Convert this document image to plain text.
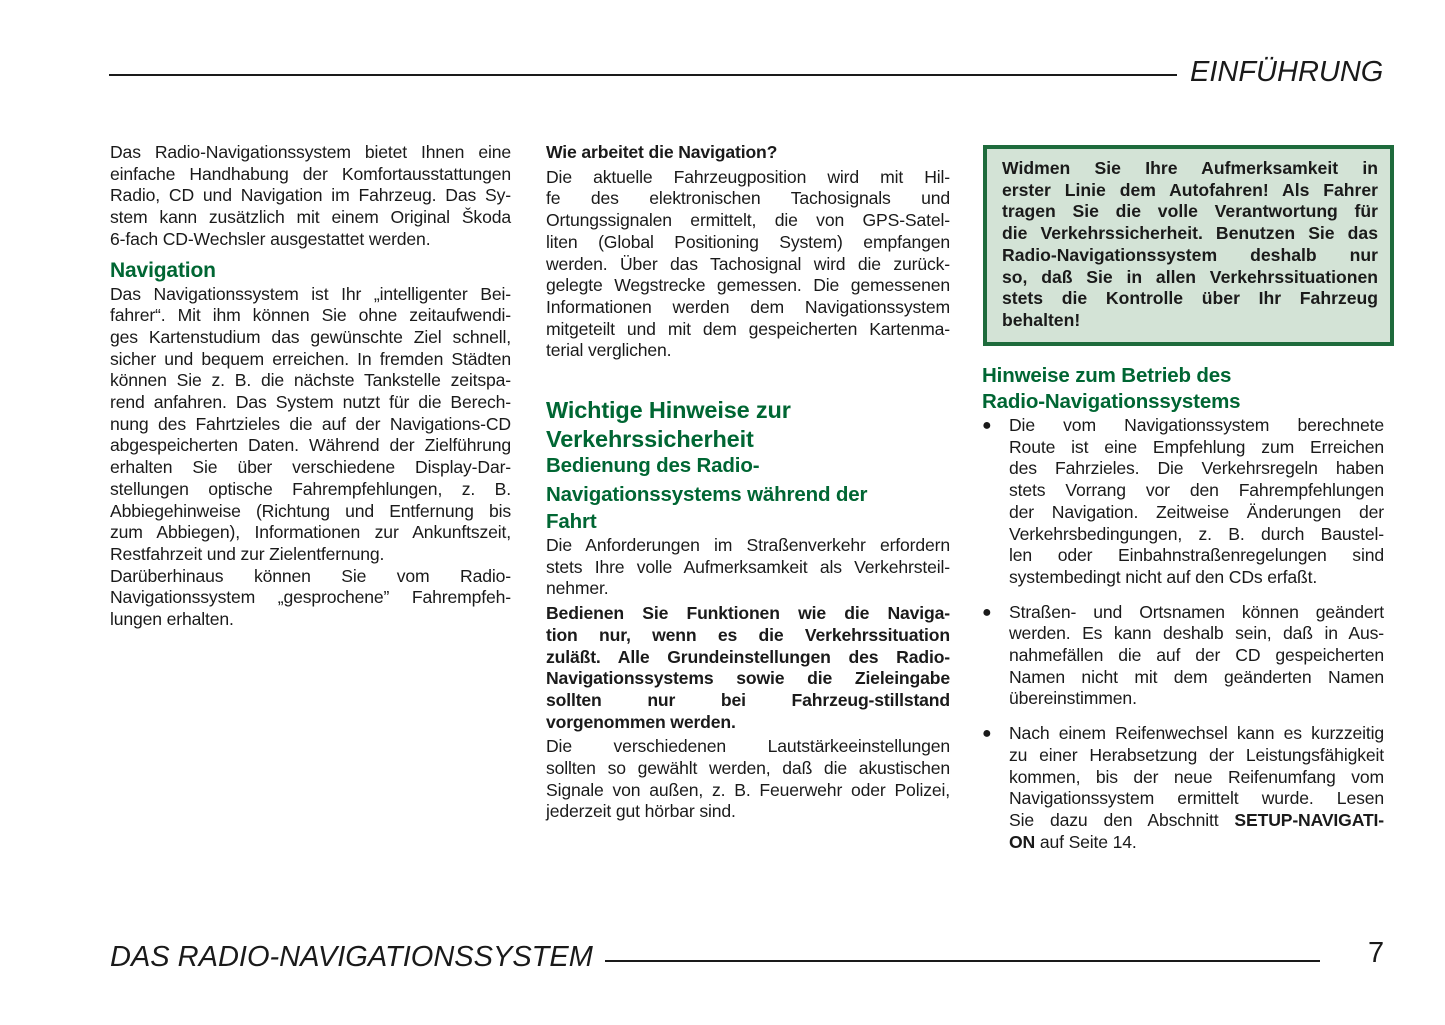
EINFÜHRUNG
Das Radio-Navigationssystem bietet Ihnen eine
einfache Handhabung der Komfortausstattungen
Radio, CD und Navigation im Fahrzeug. Das Sy-
stem kann zusätzlich mit einem Original Škoda
6-fach CD-Wechsler ausgestattet werden.
Navigation
Das Navigationssystem ist Ihr „intelligenter Bei-
fahrer“. Mit ihm können Sie ohne zeitaufwendi-
ges Kartenstudium das gewünschte Ziel schnell,
sicher und bequem erreichen. In fremden Städten
können Sie z. B. die nächste Tankstelle zeitspa-
rend anfahren. Das System nutzt für die Berech-
nung des Fahrtzieles die auf der Navigations-CD
abgespeicherten Daten. Während der Zielführung
erhalten Sie über verschiedene Display-Dar-
stellungen optische Fahrempfehlungen, z. B.
Abbiegehinweise (Richtung und Entfernung bis
zum Abbiegen), Informationen zur Ankunftszeit,
Restfahrzeit und zur Zielentfernung.
Darüberhinaus können Sie vom Radio-
Navigationssystem „gesprochene” Fahrempfeh-
lungen erhalten.
Wie arbeitet die Navigation?
Die aktuelle Fahrzeugposition wird mit Hil-
fe des elektronischen Tachosignals und
Ortungssignalen ermittelt, die von GPS-Satel-
liten (Global Positioning System) empfangen
werden. Über das Tachosignal wird die zurück-
gelegte Wegstrecke gemessen. Die gemessenen
Informationen werden dem Navigationssystem
mitgeteilt und mit dem gespeicherten Kartenma-
terial verglichen.
Wichtige Hinweise zur
Verkehrssicherheit
Bedienung des Radio-
Navigationssystems während der
Fahrt
Die Anforderungen im Straßenverkehr erfordern
stets Ihre volle Aufmerksamkeit als Verkehrsteil-
nehmer.
Bedienen Sie Funktionen wie die Naviga-
tion nur, wenn es die Verkehrssituation
zuläßt. Alle Grundeinstellungen des Radio-
Navigationssystems sowie die Zieleingabe
sollten nur bei Fahrzeug-stillstand
vorgenommen werden.
Die verschiedenen Lautstärkeeinstellungen
sollten so gewählt werden, daß die akustischen
Signale von außen, z. B. Feuerwehr oder Polizei,
jederzeit gut hörbar sind.
Widmen Sie Ihre Aufmerksamkeit in
erster Linie dem Autofahren! Als Fahrer
tragen Sie die volle Verantwortung für
die Verkehrssicherheit. Benutzen Sie das
Radio-Navigationssystem deshalb nur
so, daß Sie in allen Verkehrssituationen
stets die Kontrolle über Ihr Fahrzeug
behalten!
Hinweise zum Betrieb des
Radio-Navigationssystems
● Die vom Navigationssystem berechnete
Route ist eine Empfehlung zum Erreichen
des Fahrzieles. Die Verkehrsregeln haben
stets Vorrang vor den Fahrempfehlungen
der Navigation. Zeitweise Änderungen der
Verkehrsbedingungen, z. B. durch Baustel-
len oder Einbahnstraßenregelungen sind
systembedingt nicht auf den CDs erfaßt.
● Straßen- und Ortsnamen können geändert
werden. Es kann deshalb sein, daß in Aus-
nahmefällen die auf der CD gespeicherten
Namen nicht mit dem geänderten Namen
übereinstimmen.
● Nach einem Reifenwechsel kann es kurzzeitig
zu einer Herabsetzung der Leistungsfähigkeit
kommen, bis der neue Reifenumfang vom
Navigationssystem ermittelt wurde. Lesen
Sie dazu den Abschnitt SETUP-NAVIGATI-
ON auf Seite 14.
DAS RADIO-NAVIGATIONSSYSTEM	7
